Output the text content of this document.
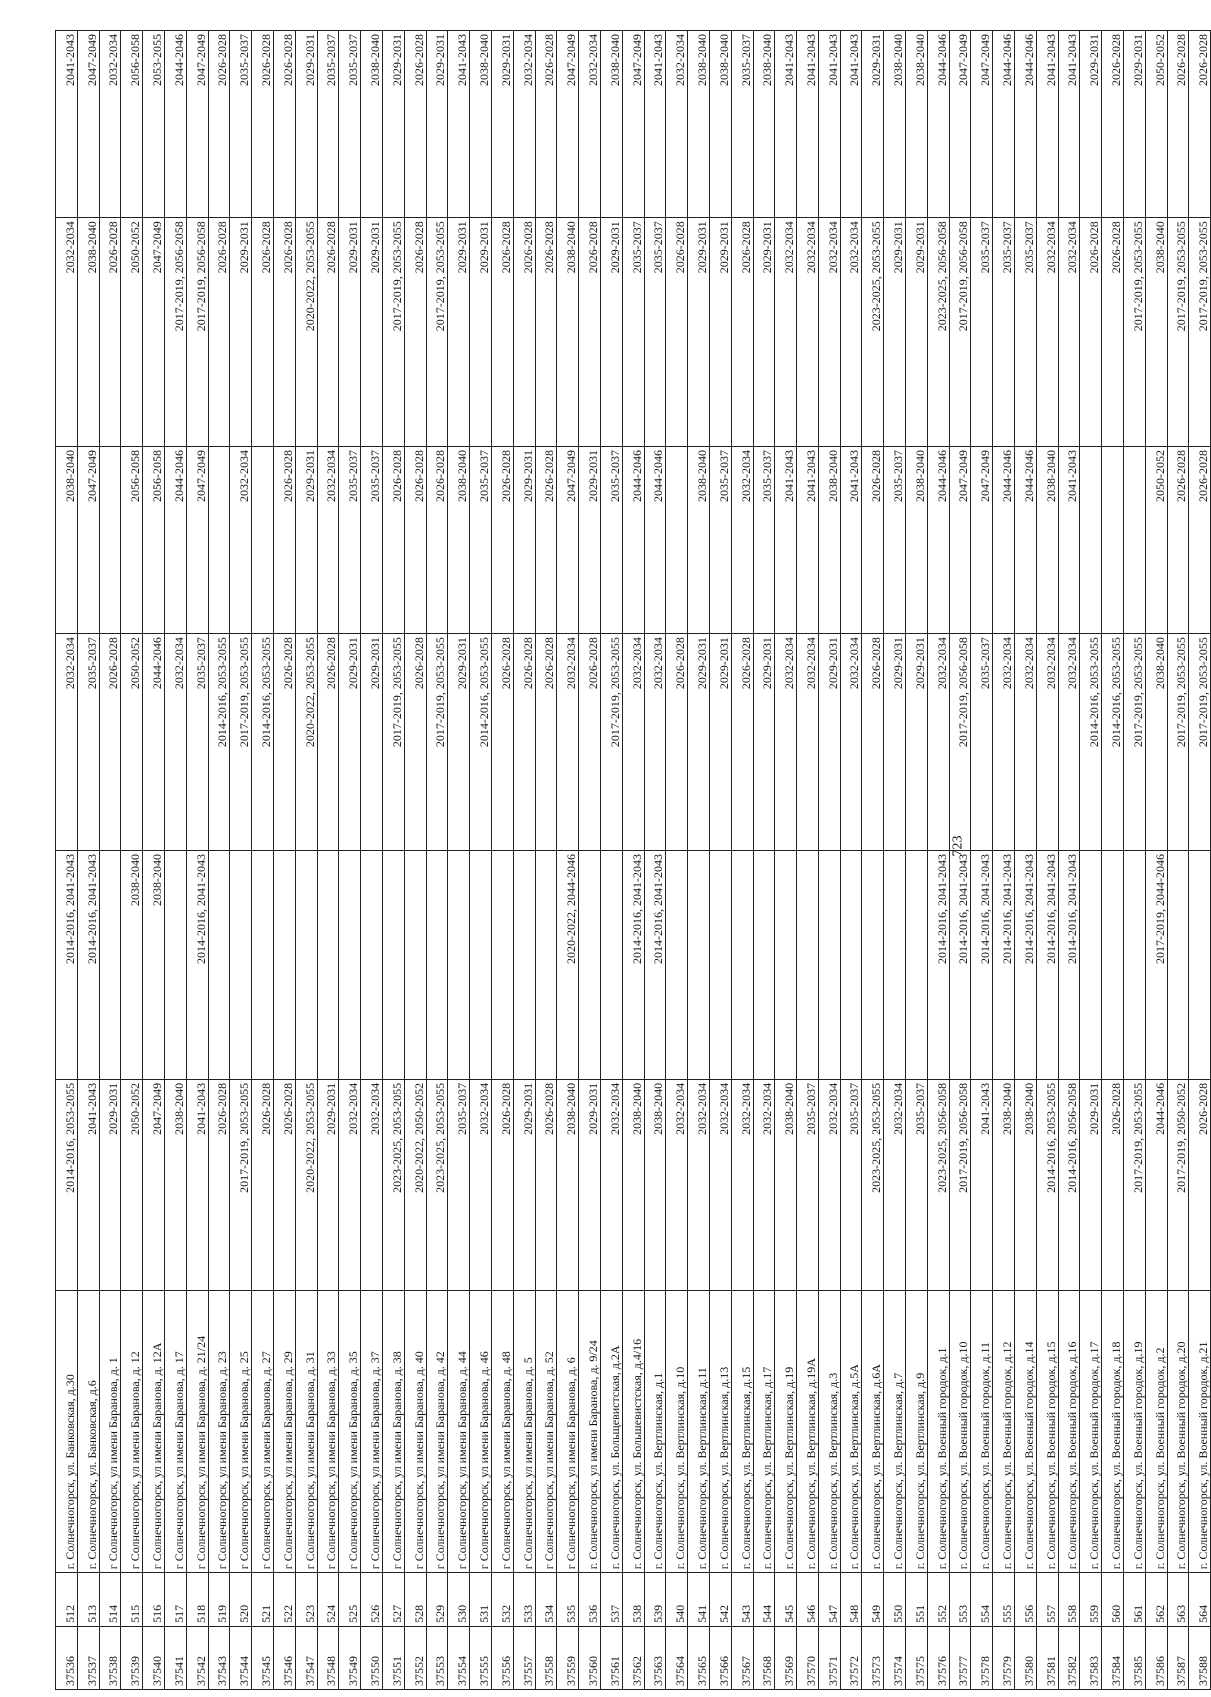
37536	512	г. Солнечногорск, ул. Банковская, д.30	2014-2016, 2053-2055	2014-2016, 2041-2043	2032-2034	2038-2040	2032-2034	2041-2043
37537	513	г. Солнечногорск, ул. Банковская, д.6	2041-2043	2014-2016, 2041-2043	2035-2037	2047-2049	2038-2040	2047-2049
37538	514	г Солнечногорск, ул имени Баранова, д. 1	2029-2031		2026-2028		2026-2028	2032-2034
37539	515	г Солнечногорск, ул имени Баранова, д. 12	2050-2052	2038-2040	2050-2052	2056-2058	2050-2052	2056-2058
37540	516	г Солнечногорск, ул имени Баранова, д. 12А	2047-2049	2038-2040	2044-2046	2056-2058	2047-2049	2053-2055
37541	517	г Солнечногорск, ул имени Баранова, д. 17	2038-2040		2032-2034	2044-2046	2017-2019, 2056-2058	2044-2046
37542	518	г Солнечногорск, ул имени Баранова, д. 21/24	2041-2043	2014-2016, 2041-2043	2035-2037	2047-2049	2017-2019, 2056-2058	2047-2049
37543	519	г Солнечногорск, ул имени Баранова, д. 23	2026-2028		2014-2016, 2053-2055		2026-2028	2026-2028
37544	520	г Солнечногорск, ул имени Баранова, д. 25	2017-2019, 2053-2055		2017-2019, 2053-2055	2032-2034	2029-2031	2035-2037
37545	521	г Солнечногорск, ул имени Баранова, д. 27	2026-2028		2014-2016, 2053-2055		2026-2028	2026-2028
37546	522	г Солнечногорск, ул имени Баранова, д. 29	2026-2028		2026-2028	2026-2028	2026-2028	2026-2028
37547	523	г Солнечногорск, ул имени Баранова, д. 31	2020-2022, 2053-2055		2020-2022, 2053-2055	2029-2031	2020-2022, 2053-2055	2029-2031
37548	524	г Солнечногорск, ул имени Баранова, д. 33	2029-2031		2026-2028	2032-2034	2026-2028	2035-2037
37549	525	г Солнечногорск, ул имени Баранова, д. 35	2032-2034		2029-2031	2035-2037	2029-2031	2035-2037
37550	526	г Солнечногорск, ул имени Баранова, д. 37	2032-2034		2029-2031	2035-2037	2029-2031	2038-2040
37551	527	г Солнечногорск, ул имени Баранова, д. 38	2023-2025, 2053-2055		2017-2019, 2053-2055	2026-2028	2017-2019, 2053-2055	2029-2031
37552	528	г Солнечногорск, ул имени Баранова, д. 40	2020-2022, 2050-2052		2026-2028	2026-2028	2026-2028	2026-2028
37553	529	г Солнечногорск, ул имени Баранова, д. 42	2023-2025, 2053-2055		2017-2019, 2053-2055	2026-2028	2017-2019, 2053-2055	2029-2031
37554	530	г Солнечногорск, ул имени Баранова, д. 44	2035-2037		2029-2031	2038-2040	2029-2031	2041-2043
37555	531	г Солнечногорск, ул имени Баранова, д. 46	2032-2034		2014-2016, 2053-2055	2035-2037	2029-2031	2038-2040
37556	532	г Солнечногорск, ул имени Баранова, д. 48	2026-2028		2026-2028	2026-2028	2026-2028	2029-2031
37557	533	г Солнечногорск, ул имени Баранова, д. 5	2029-2031		2026-2028	2029-2031	2026-2028	2032-2034
37558	534	г Солнечногорск, ул имени Баранова, д. 52	2026-2028		2026-2028	2026-2028	2026-2028	2026-2028
37559	535	г Солнечногорск, ул имени Баранова, д. 6	2038-2040	2020-2022, 2044-2046	2032-2034	2047-2049	2038-2040	2047-2049
37560	536	г. Солнечногорск, ул имени Баранова, д. 9/24	2029-2031		2026-2028	2029-2031	2026-2028	2032-2034
37561	537	г. Солнечногорск, ул. Больщевистская, д.2А	2032-2034		2017-2019, 2053-2055	2035-2037	2029-2031	2038-2040
37562	538	г. Солнечногорск, ул. Большевистская, д.4/16	2038-2040	2014-2016, 2041-2043	2032-2034	2044-2046	2035-2037	2047-2049
37563	539	г. Солнечногорск, ул. Вертлинская, д.1	2038-2040	2014-2016, 2041-2043	2032-2034	2044-2046	2035-2037	2041-2043
37564	540	г. Солнечногорск, ул. Вертлинская, д.10	2032-2034		2026-2028		2026-2028	2032-2034
37565	541	г. Солнечногорск, ул. Вертлинская, д.11	2032-2034		2029-2031	2038-2040	2029-2031	2038-2040
37566	542	г. Солнечногорск, ул. Вертлинская, д.13	2032-2034		2029-2031	2035-2037	2029-2031	2038-2040
37567	543	г. Солнечногорск, ул. Вертлинская, д.15	2032-2034		2026-2028	2032-2034	2026-2028	2035-2037
37568	544	г. Солнечногорск, ул. Вертлинская, д.17	2032-2034		2029-2031	2035-2037	2029-2031	2038-2040
37569	545	г. Солнечногорск, ул. Вертлинская, д.19	2038-2040		2032-2034	2041-2043	2032-2034	2041-2043
37570	546	г. Солнечногорск, ул. Вертлинская, д.19А	2035-2037		2032-2034	2041-2043	2032-2034	2041-2043
37571	547	г. Солнечногорск, ул. Вертлинская, д.3	2032-2034		2029-2031	2038-2040	2032-2034	2041-2043
37572	548	г. Солнечногорск, ул. Вертлинская, д.5А	2035-2037		2032-2034	2041-2043	2032-2034	2041-2043
37573	549	г. Солнечногорск, ул. Вертлинская, д.6А	2023-2025, 2053-2055		2026-2028	2026-2028	2023-2025, 2053-2055	2029-2031
37574	550	г. Солнечногорск, ул. Вертлинская, д.7	2032-2034		2029-2031	2035-2037	2029-2031	2038-2040
37575	551	г. Солнечногорск, ул. Вертлинская, д.9	2035-2037		2029-2031	2038-2040	2029-2031	2038-2040
37576	552	г. Солнечногорск, ул. Военный городок, д.1	2023-2025, 2056-2058	2014-2016, 2041-2043	2032-2034	2044-2046	2023-2025, 2056-2058	2044-2046
37577	553	г. Солнечногорск, ул. Военный городок, д.10	2017-2019, 2056-2058	2014-2016, 2041-2043	2017-2019, 2056-2058	2047-2049	2017-2019, 2056-2058	2047-2049
37578	554	г. Солнечногорск, ул. Военный городок, д.11	2041-2043	2014-2016, 2041-2043	2035-2037	2047-2049	2035-2037	2047-2049
37579	555	г. Солнечногорск, ул. Военный городок, д.12	2038-2040	2014-2016, 2041-2043	2032-2034	2044-2046	2035-2037	2044-2046
37580	556	г. Солнечногорск, ул. Военный городок, д.14	2038-2040	2014-2016, 2041-2043	2032-2034	2044-2046	2035-2037	2044-2046
37581	557	г. Солнечногорск, ул. Военный городок, д.15	2014-2016, 2053-2055	2014-2016, 2041-2043	2032-2034	2038-2040	2032-2034	2041-2043
37582	558	г. Солнечногорск, ул. Военный городок, д.16	2014-2016, 2056-2058	2014-2016, 2041-2043	2032-2034	2041-2043	2032-2034	2041-2043
37583	559	г. Солнечногорск, ул. Военный городок, д.17	2029-2031		2014-2016, 2053-2055		2026-2028	2029-2031
37584	560	г. Солнечногорск, ул. Военный городок, д.18	2026-2028		2014-2016, 2053-2055		2026-2028	2026-2028
37585	561	г. Солнечногорск, ул. Военный городок, д.19	2017-2019, 2053-2055		2017-2019, 2053-2055		2017-2019, 2053-2055	2029-2031
37586	562	г. Солнечногорск, ул. Военный городок, д.2	2044-2046	2017-2019, 2044-2046	2038-2040	2050-2052	2038-2040	2050-2052
37587	563	г. Солнечногорск, ул. Военный городок, д.20	2017-2019, 2050-2052		2017-2019, 2053-2055	2026-2028	2017-2019, 2053-2055	2026-2028
37588	564	г. Солнечногорск, ул. Военный городок, д.21	2026-2028		2017-2019, 2053-2055	2026-2028	2017-2019, 2053-2055	2026-2028
723
